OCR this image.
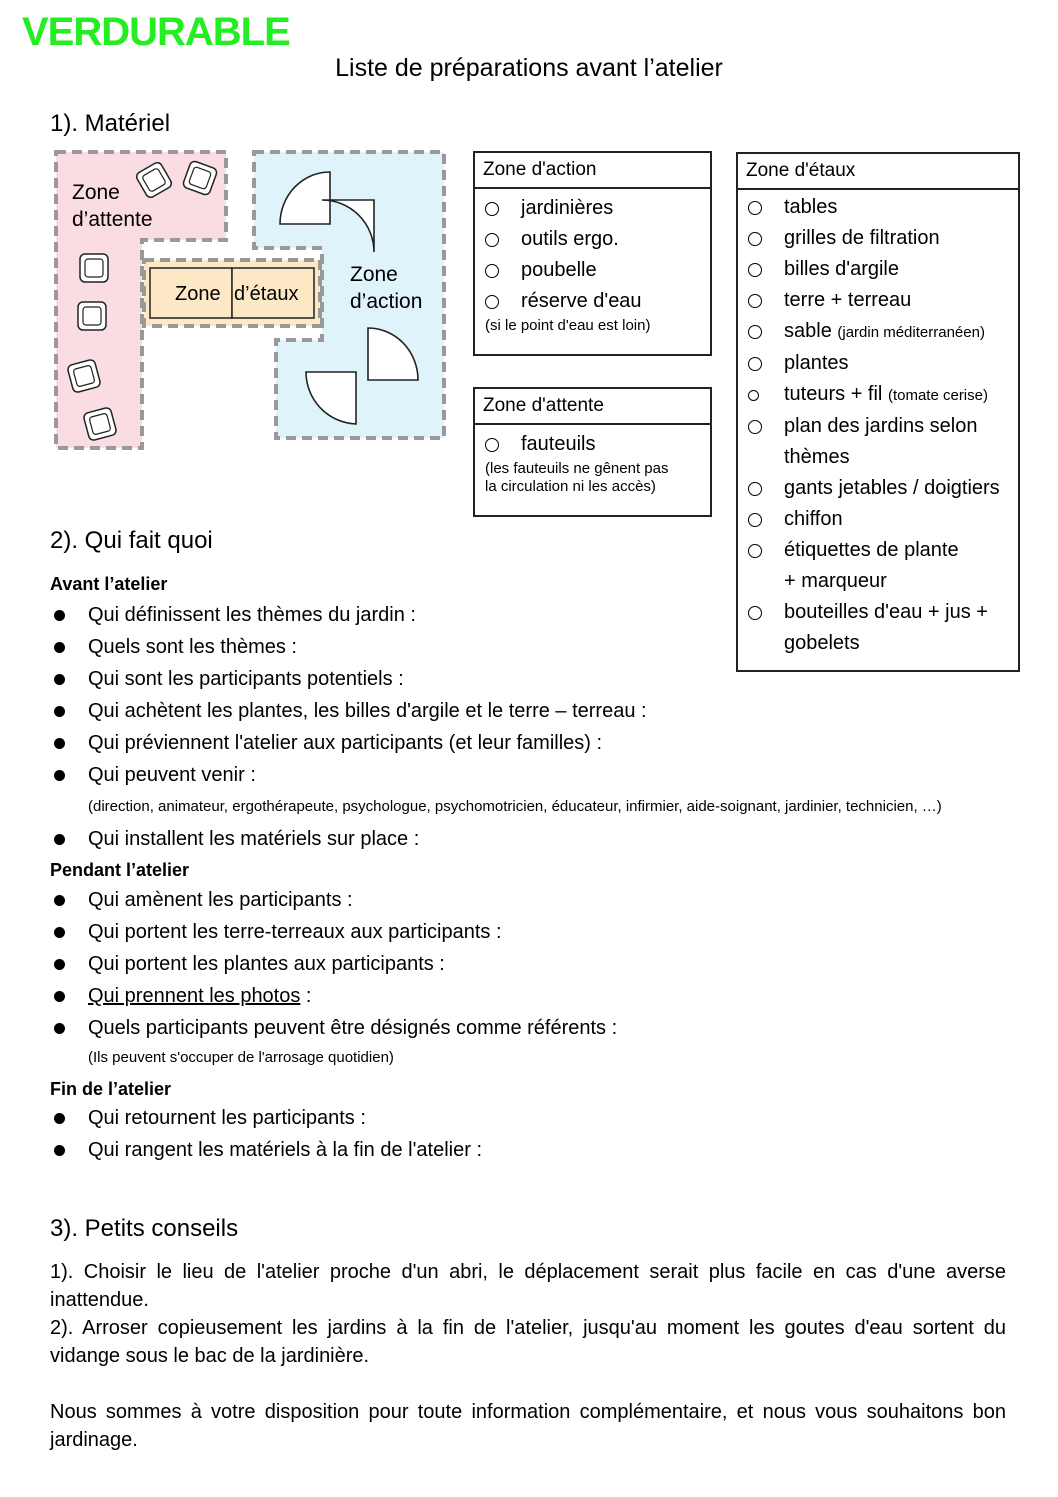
VERDURABLE
Liste de préparations avant l’atelier
1). Matériel
Zone d’étaux
Zone
d’attente
Zone
d’action
Zone d'action
jardinières
outils ergo.
poubelle
réserve d'eau
(si le point d'eau est loin)
Zone d'attente
fauteuils
(les fauteuils ne gênent pas
la circulation ni les accès)
Zone d'étaux
tables
grilles de filtration
billes d'argile
terre + terreau
sable (jardin méditerranéen)
plantes
tuteurs + fil (tomate cerise)
plan des jardins selon
thèmes
gants jetables / doigtiers
chiffon
étiquettes de plante
+ marqueur
bouteilles d'eau + jus +
gobelets
2). Qui fait quoi
Avant l’atelier
Qui définissent les thèmes du jardin :
Quels sont les thèmes :
Qui sont les participants potentiels :
Qui achètent les plantes, les billes d'argile et le terre – terreau :
Qui préviennent l'atelier aux participants (et leur familles) :
Qui peuvent venir :
(direction, animateur, ergothérapeute, psychologue, psychomotricien, éducateur, infirmier, aide-soignant, jardinier, technicien, …)
Qui installent les matériels sur place :
Pendant l’atelier
Qui amènent les participants :
Qui portent les terre-terreaux aux participants :
Qui portent les plantes aux participants :
Qui prennent les photos :
Quels participants peuvent être désignés comme référents :
(Ils peuvent s'occuper de l'arrosage quotidien)
Fin de l’atelier
Qui retournent les participants :
Qui rangent les matériels à la fin de l'atelier :
3). Petits conseils
1). Choisir le lieu de l'atelier proche d'un abri, le déplacement serait plus facile en cas d'une averse inattendue.
2). Arroser copieusement les jardins à la fin de l'atelier, jusqu'au moment les goutes d'eau sortent du vidange sous le bac de la jardinière.
Nous sommes à votre disposition pour toute information complémentaire, et nous vous souhaitons bon jardinage.
